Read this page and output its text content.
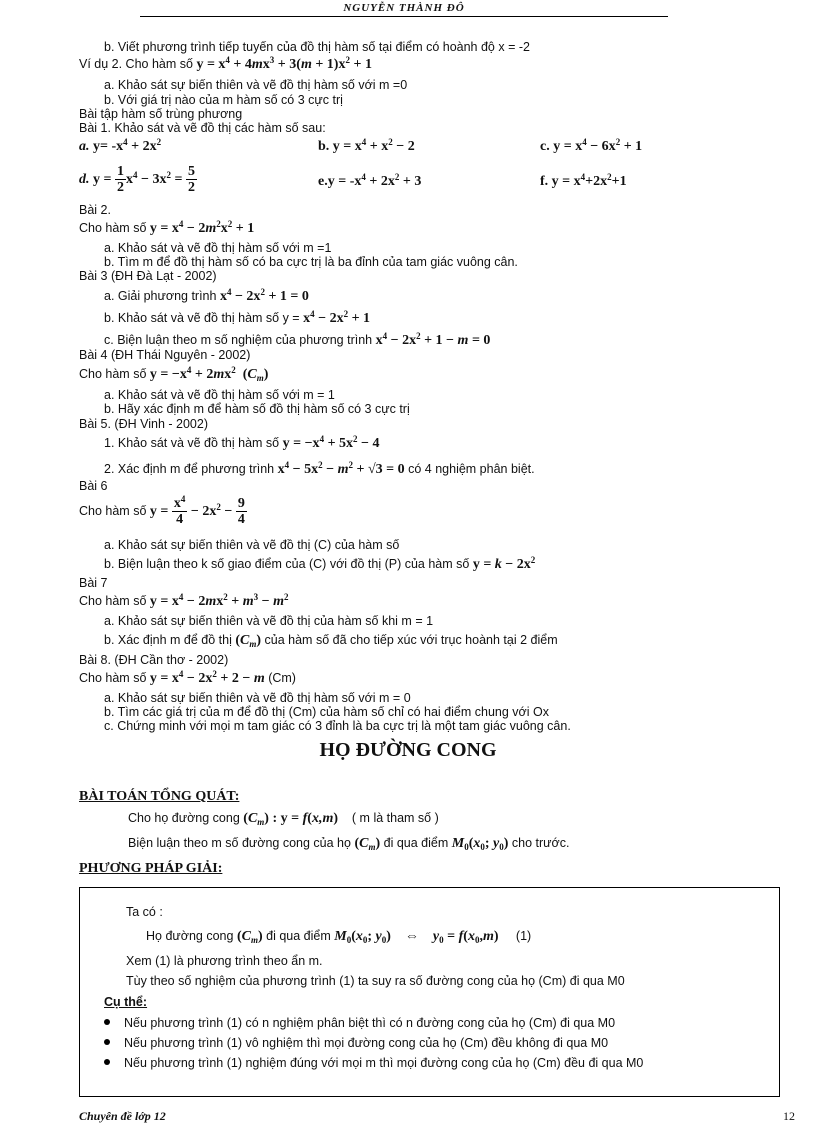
NGUYỄN THÀNH ĐÔ
b. Viết phương trình tiếp tuyến của đồ thị hàm số tại điểm có hoành độ x = -2
Ví dụ 2. Cho hàm số $y = x^4 + 4mx^3 + 3(m + 1)x^2 + 1$
a. Khảo sát sự biến thiên và vẽ đồ thị hàm số với m =0
b. Với giá trị nào của m hàm số có 3 cực trị
Bài tập hàm số trùng phương
Bài 1. Khảo sát và vẽ đồ thị các hàm số sau:
a. $y= -x^4 + 2x^2$	b. $y = x^4 + x^2 - 2$	c. $y = x^4 - 6x^2 + 1$
d. $y = \frac{1}{2} x^4 - 3x^2 = \frac{5}{2}$	$e.y = -x^4 + 2x^2 + 3$	f. $y = x^4+2x^2+1$
Bài 2.
Cho hàm số $y = x^4 - 2m^2x^2 + 1$
a. Khảo sát và vẽ đồ thị hàm số với m =1
b. Tìm m để đồ thị hàm số có ba cực trị là ba đỉnh của tam giác vuông cân.
Bài 3 (ĐH Đà Lạt - 2002)
a. Giải phương trình $x^4 - 2x^2 + 1 = 0$
b. Khảo sát và vẽ đồ thị hàm số $y = x^4 - 2x^2 + 1$
c. Biện luận theo m số nghiệm của phương trình $x^4 - 2x^2 + 1 - m = 0$
Bài 4 (ĐH Thái Nguyên - 2002)
Cho hàm số $y = -x^4 + 2mx^2$  $(C_m)$
a. Khảo sát và vẽ đồ thị hàm số với m = 1
b. Hãy xác định m để hàm số đồ thị hàm số có 3 cực trị
Bài 5. (ĐH Vinh - 2002)
1. Khảo sát và vẽ đồ thị hàm số $y = -x^4 + 5x^2 - 4$
2. Xác định m để phương trình $x^4 - 5x^2 - m^2 + √3 = 0$ có 4 nghiệm phân biệt.
Bài 6
Cho hàm số $y = \frac{x^4}{4} - 2x^2 - \frac{9}{4}$
a. Khảo sát sự biến thiên và vẽ đồ thị (C) của hàm số
b. Biện luận theo k số giao điểm của (C) với đồ thị (P) của hàm số $y = k - 2x^2$
Bài 7
Cho hàm số $y = x^4 - 2mx^2 + m^3 - m^2$
a. Khảo sát sự biến thiên và vẽ đồ thị của hàm số khi m = 1
b. Xác định m để đồ thị $(C_m)$ của hàm số đã cho tiếp xúc với trục hoành tại 2 điểm
Bài 8. (ĐH Cần thơ - 2002)
Cho hàm số $y = x^4 - 2x^2 + 2 - m$ (Cm)
a. Khảo sát sự biến thiên và vẽ đồ thị hàm số với m = 0
b. Tìm các giá trị của m để đồ thị (Cm) của hàm số chỉ có hai điểm chung với Ox
c. Chứng minh với mọi m tam giác có 3 đỉnh là ba cực trị là một tam giác vuông cân.
HỌ ĐƯỜNG CONG
BÀI TOÁN TỔNG QUÁT:
Cho họ đường cong $(C_m)$ : y = f(x,m) ( m là tham số )
Biện luận theo m số đường cong của họ $(C_m)$ đi qua điểm $M_0(x_0$; $y_0$) cho trước.
PHƯƠNG PHÁP GIẢI:
Ta có :
Họ đường cong $(C_m)$ đi qua điểm $M_0(x_0$; $y_0$)    ⇔    $y_0 = f(x_0,m)$ (1)
Xem (1) là phương trình theo ẩn m.
Tùy theo số nghiệm của phương trình (1) ta suy ra số đường cong của họ (Cm) đi qua M0
Cụ thể:
Nếu phương trình (1) có n nghiệm phân biệt thì có n đường cong của họ (Cm) đi qua M0
Nếu phương trình (1) vô nghiệm thì mọi đường cong của họ (Cm) đều không đi qua M0
Nếu phương trình (1) nghiệm đúng với mọi m thì mọi đường cong của họ (Cm) đều đi qua M0
Chuyên đề lớp 12	12
